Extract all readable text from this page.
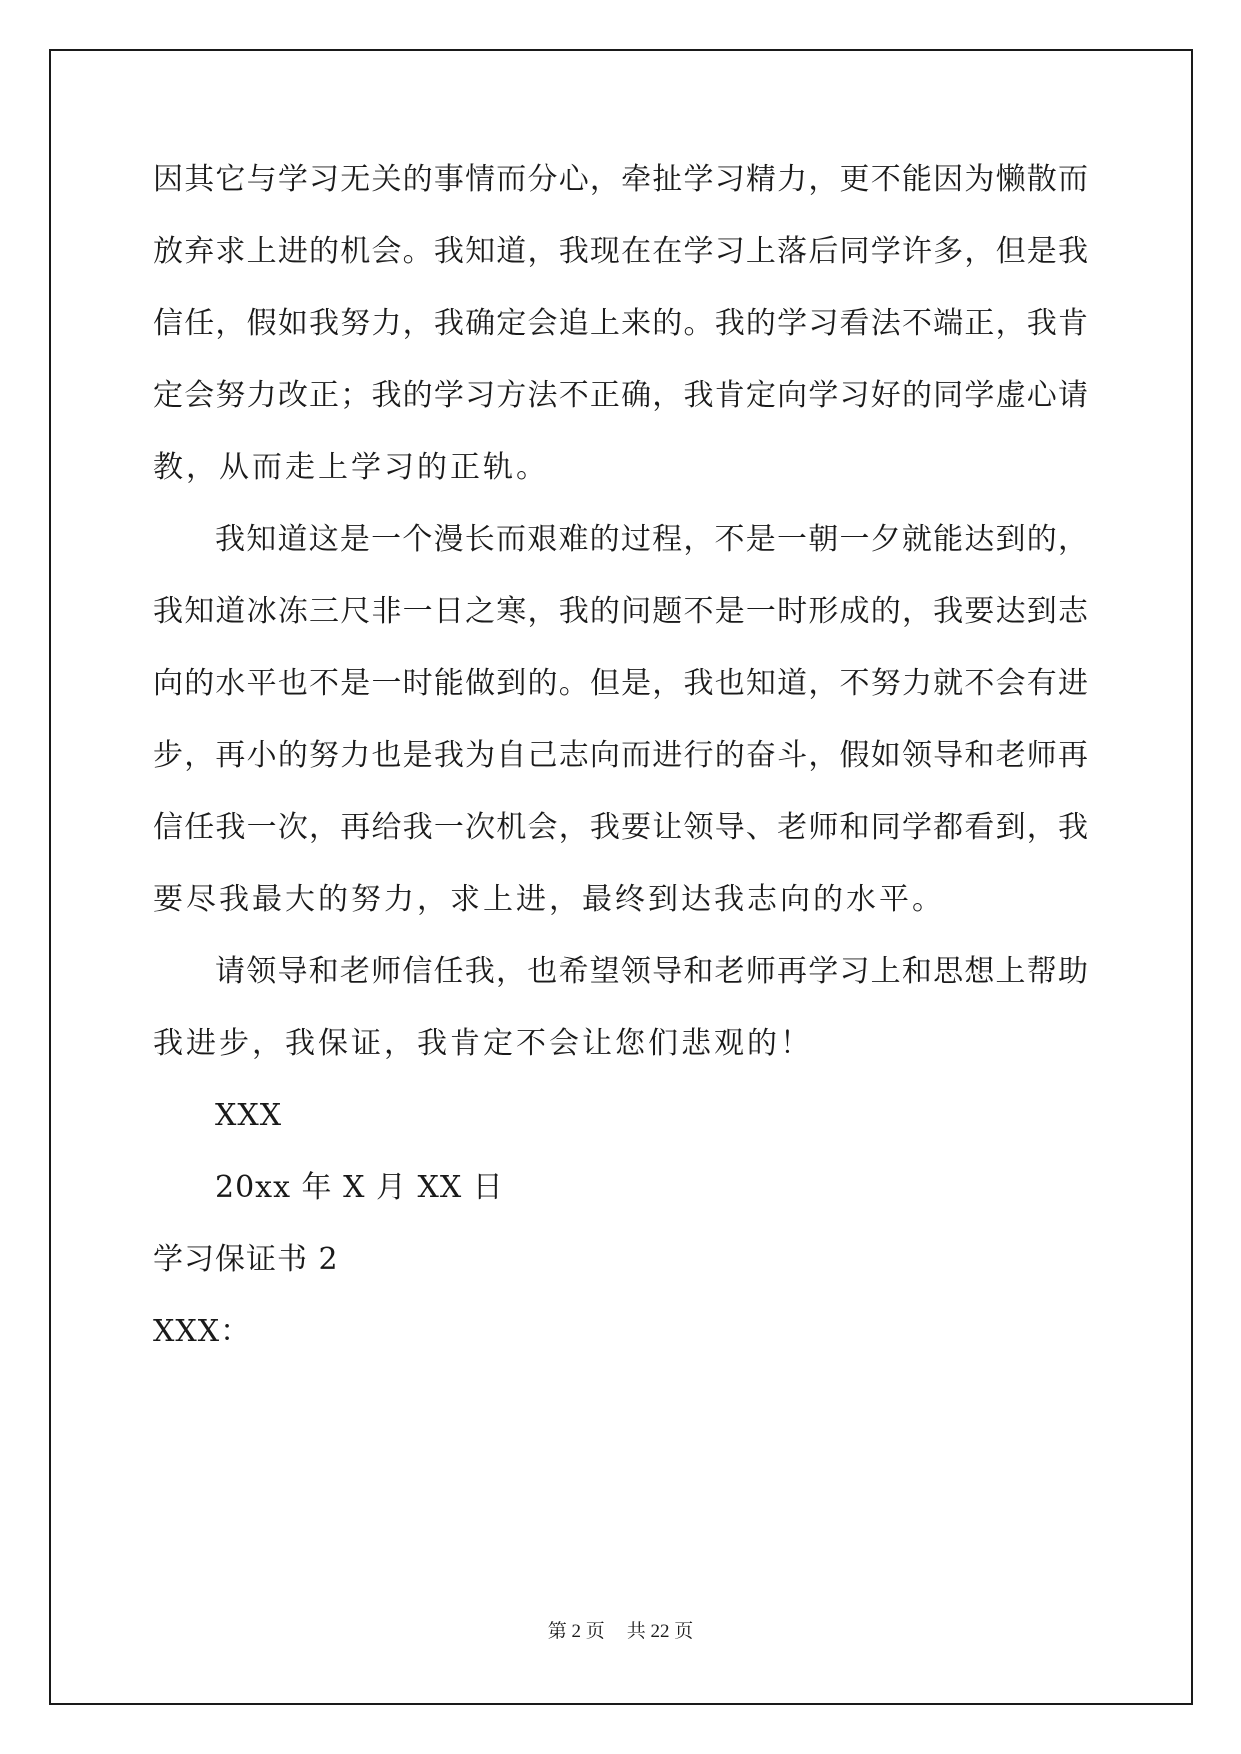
因其它与学习无关的事情而分心，牵扯学习精力，更不能因为懒散而
放弃求上进的机会。我知道，我现在在学习上落后同学许多，但是我
信任，假如我努力，我确定会追上来的。我的学习看法不端正，我肯
定会努力改正；我的学习方法不正确，我肯定向学习好的同学虚心请
教，从而走上学习的正轨。
我知道这是一个漫长而艰难的过程，不是一朝一夕就能达到的，
我知道冰冻三尺非一日之寒，我的问题不是一时形成的，我要达到志
向的水平也不是一时能做到的。但是，我也知道，不努力就不会有进
步，再小的努力也是我为自己志向而进行的奋斗，假如领导和老师再
信任我一次，再给我一次机会，我要让领导、老师和同学都看到，我
要尽我最大的努力，求上进，最终到达我志向的水平。
请领导和老师信任我，也希望领导和老师再学习上和思想上帮助
我进步，我保证，我肯定不会让您们悲观的！
XXX
20xx 年 X 月 XX 日
学习保证书 2
XXX：
第 2 页 共 22 页
